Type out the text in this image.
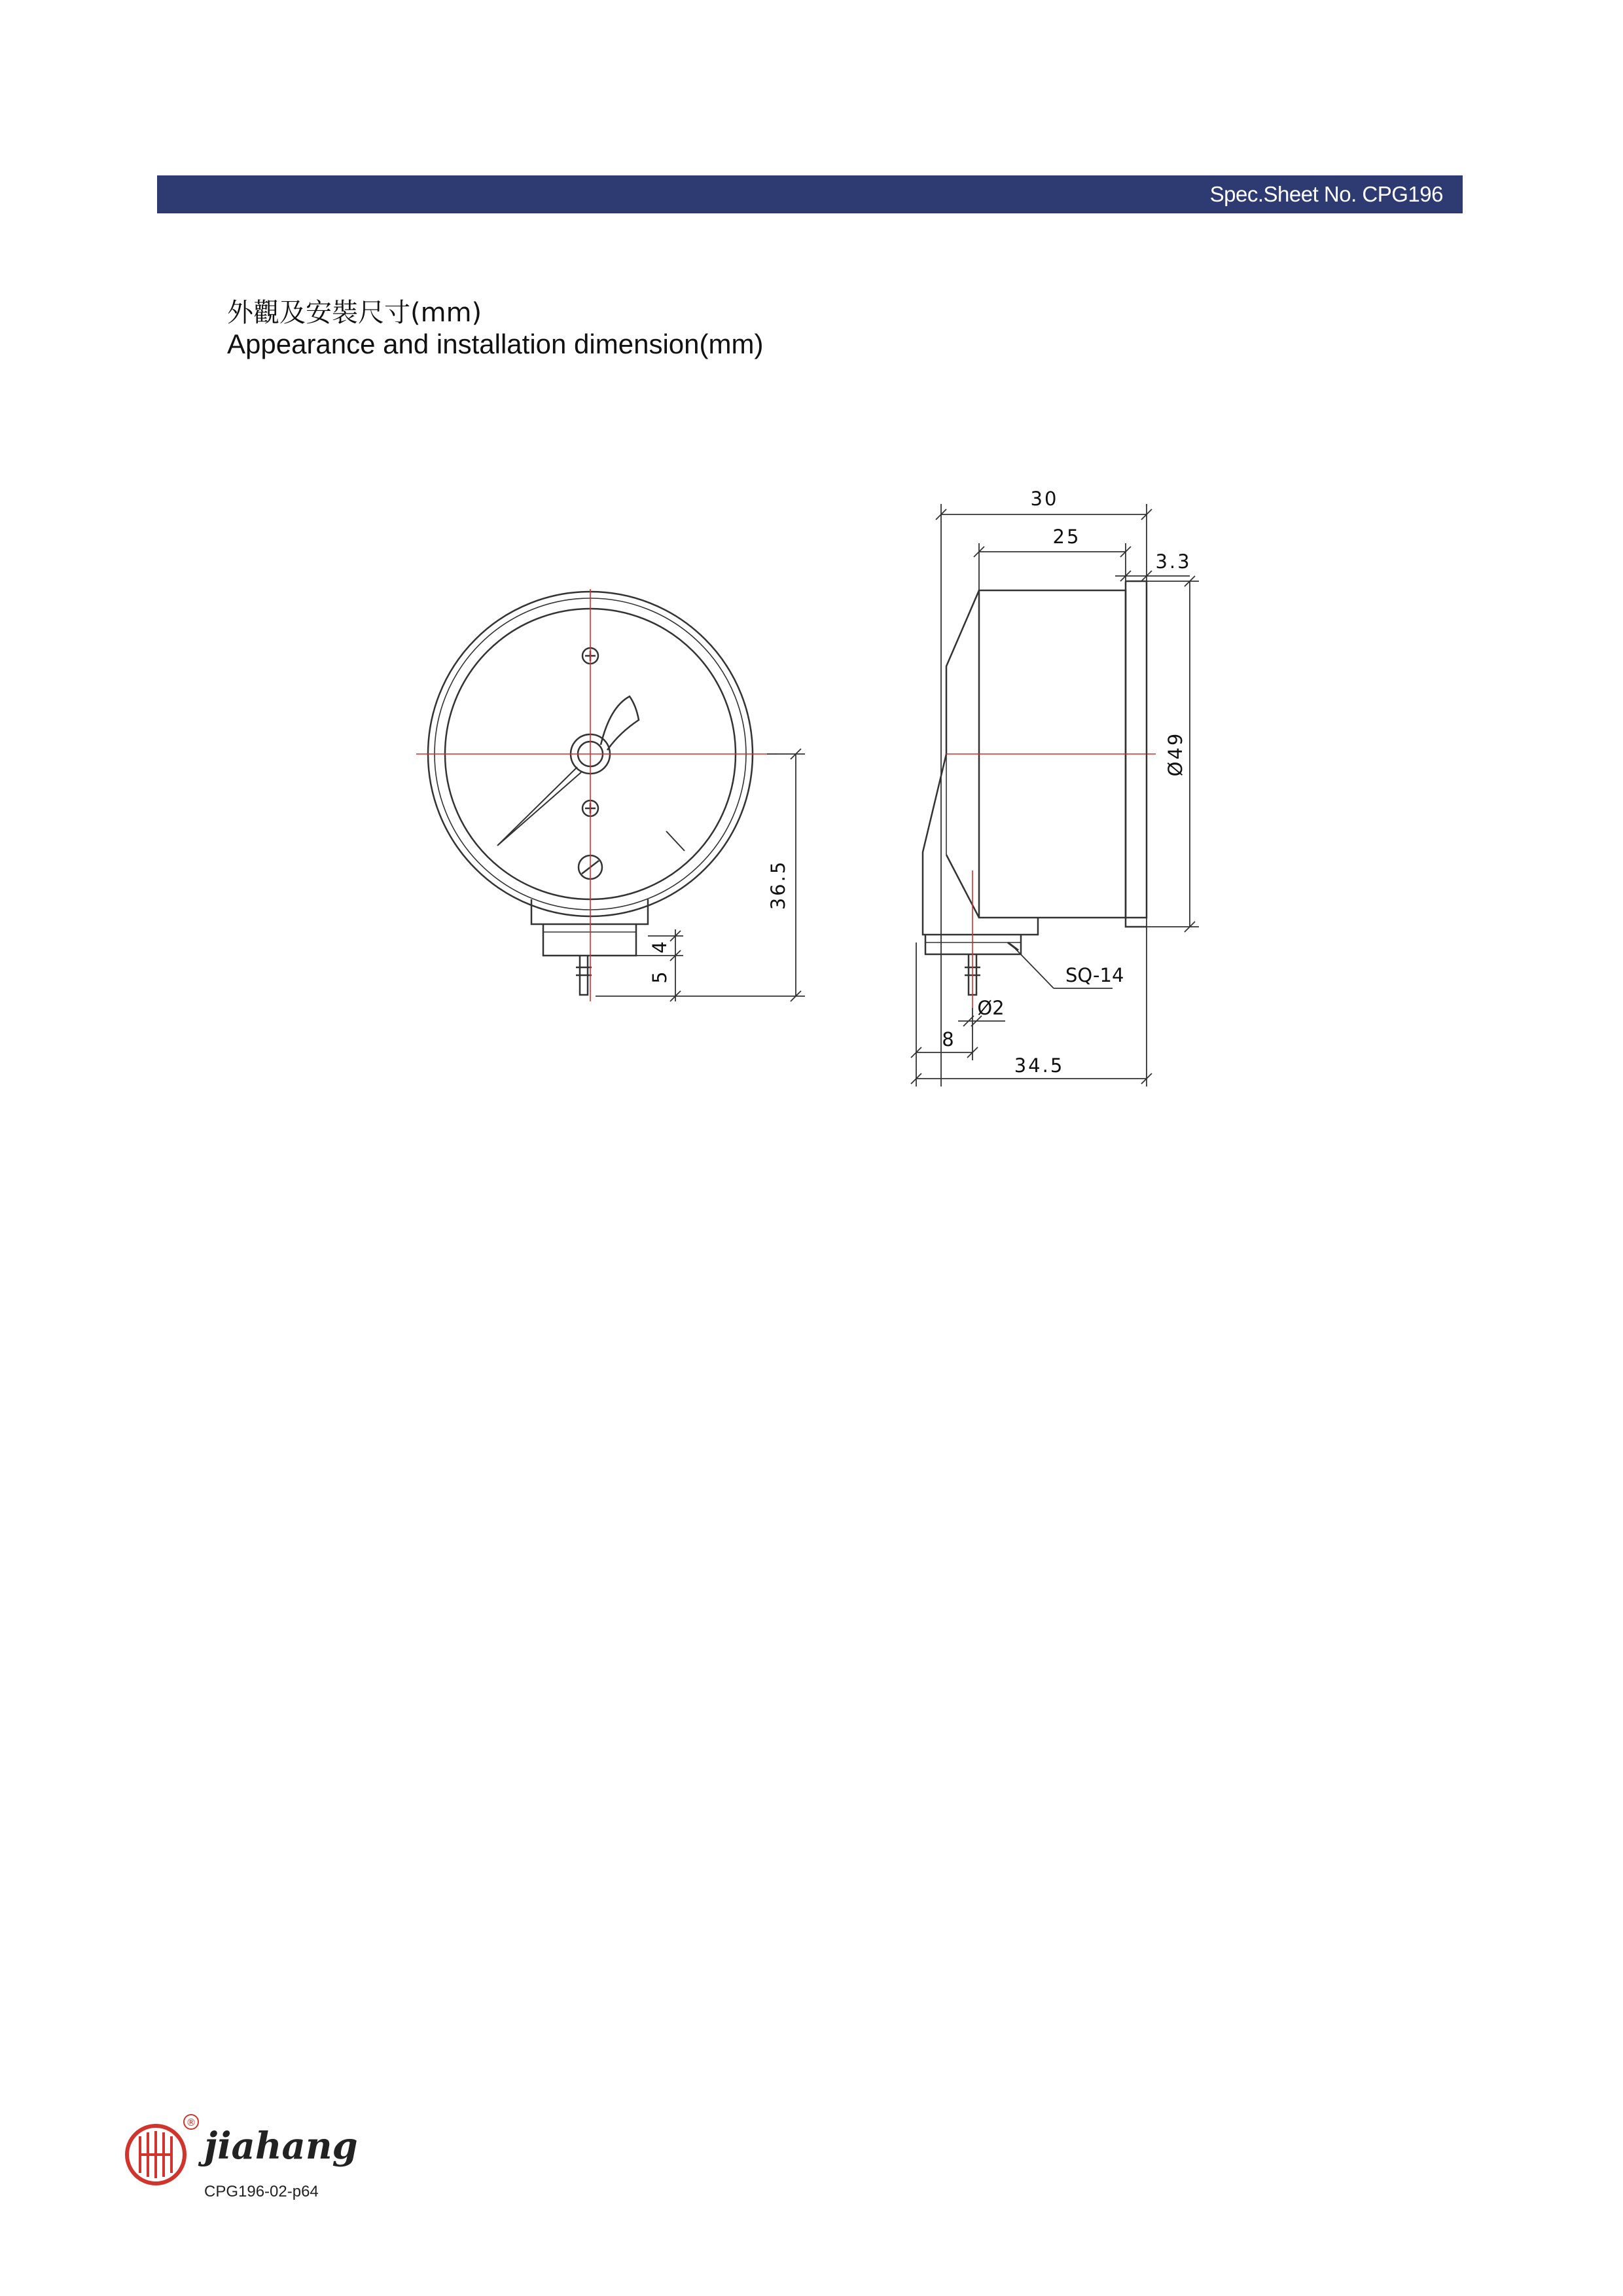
Spec.Sheet No. CPG196
外觀及安裝尺寸(mm)
Appearance and installation dimension(mm)
36.5
4
5
30
25
3.3
Ø49
SQ-14
Ø2
8
34.5
®
jiahang
CPG196-02-p64
